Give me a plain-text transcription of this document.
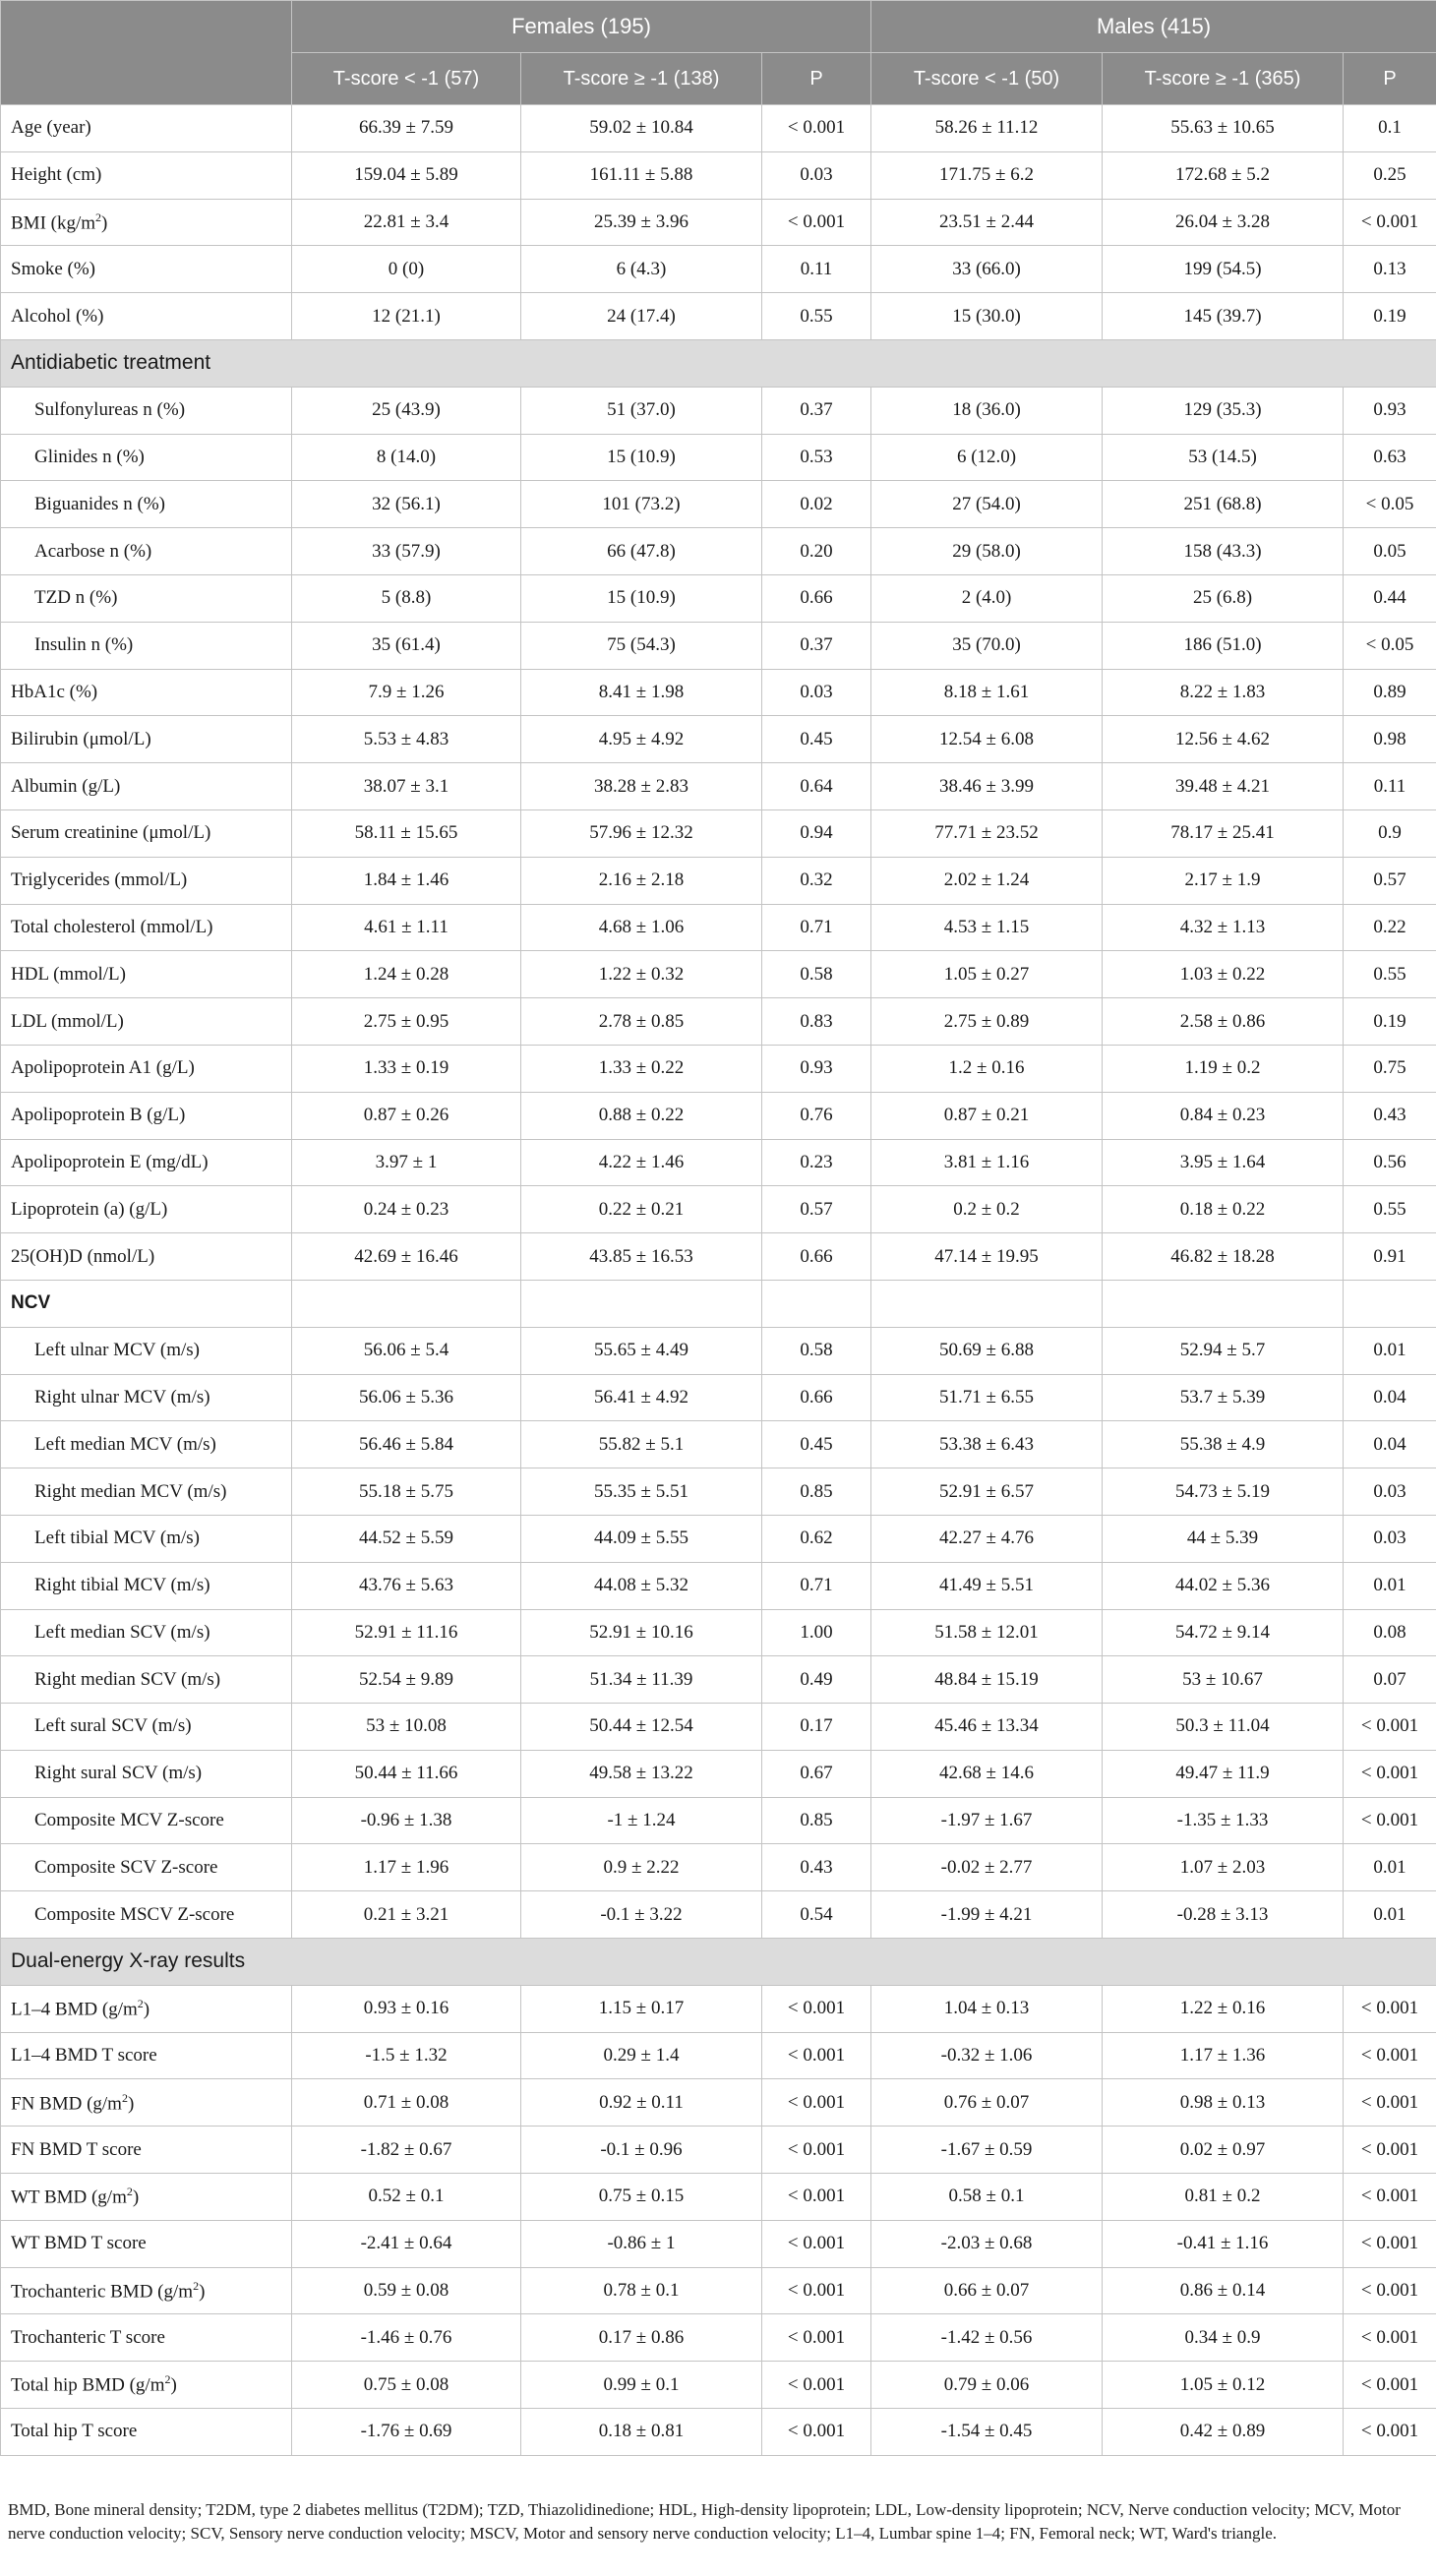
	Females (195)			Males (415)		
	T-score < -1 (57)	T-score ≥ -1 (138)	P	T-score < -1 (50)	T-score ≥ -1 (365)	P
Age (year)	66.39 ± 7.59	59.02 ± 10.84	< 0.001	58.26 ± 11.12	55.63 ± 10.65	0.1
Height (cm)	159.04 ± 5.89	161.11 ± 5.88	0.03	171.75 ± 6.2	172.68 ± 5.2	0.25
BMI $(kg/m^2)$	22.81 ± 3.4	25.39 ± 3.96	< 0.001	23.51 ± 2.44	26.04 ± 3.28	< 0.001
Smoke (%)	0 (0)	6 (4.3)	0.11	33 (66.0)	199 (54.5)	0.13
Alcohol (%)	12 (21.1)	24 (17.4)	0.55	15 (30.0)	145 (39.7)	0.19
Antidiabetic treatment						
Sulfonylureas n (%)	25 (43.9)	51 (37.0)	0.37	18 (36.0)	129 (35.3)	0.93
Glinides n (%)	8 (14.0)	15 (10.9)	0.53	6 (12.0)	53 (14.5)	0.63
Biguanides n (%)	32 (56.1)	101 (73.2)	0.02	27 (54.0)	251 (68.8)	< 0.05
Acarbose n (%)	33 (57.9)	66 (47.8)	0.20	29 (58.0)	158 (43.3)	0.05
TZD n (%)	5 (8.8)	15 (10.9)	0.66	2 (4.0)	25 (6.8)	0.44
Insulin n (%)	35 (61.4)	75 (54.3)	0.37	35 (70.0)	186 (51.0)	< 0.05
HbA1c (%)	7.9 ± 1.26	8.41 ± 1.98	0.03	8.18 ± 1.61	8.22 ± 1.83	0.89
Bilirubin (μmol/L)	5.53 ± 4.83	4.95 ± 4.92	0.45	12.54 ± 6.08	12.56 ± 4.62	0.98
Albumin (g/L)	38.07 ± 3.1	38.28 ± 2.83	0.64	38.46 ± 3.99	39.48 ± 4.21	0.11
Serum creatinine (μmol/L)	58.11 ± 15.65	57.96 ± 12.32	0.94	77.71 ± 23.52	78.17 ± 25.41	0.9
Triglycerides (mmol/L)	1.84 ± 1.46	2.16 ± 2.18	0.32	2.02 ± 1.24	2.17 ± 1.9	0.57
Total cholesterol (mmol/L)	4.61 ± 1.11	4.68 ± 1.06	0.71	4.53 ± 1.15	4.32 ± 1.13	0.22
HDL (mmol/L)	1.24 ± 0.28	1.22 ± 0.32	0.58	1.05 ± 0.27	1.03 ± 0.22	0.55
LDL (mmol/L)	2.75 ± 0.95	2.78 ± 0.85	0.83	2.75 ± 0.89	2.58 ± 0.86	0.19
Apolipoprotein A1 (g/L)	1.33 ± 0.19	1.33 ± 0.22	0.93	1.2 ± 0.16	1.19 ± 0.2	0.75
Apolipoprotein B (g/L)	0.87 ± 0.26	0.88 ± 0.22	0.76	0.87 ± 0.21	0.84 ± 0.23	0.43
Apolipoprotein E (mg/dL)	3.97 ± 1	4.22 ± 1.46	0.23	3.81 ± 1.16	3.95 ± 1.64	0.56
Lipoprotein (a) (g/L)	0.24 ± 0.23	0.22 ± 0.21	0.57	0.2 ± 0.2	0.18 ± 0.22	0.55
25(OH)D (nmol/L)	42.69 ± 16.46	43.85 ± 16.53	0.66	47.14 ± 19.95	46.82 ± 18.28	0.91
NCV						
Left ulnar MCV (m/s)	56.06 ± 5.4	55.65 ± 4.49	0.58	50.69 ± 6.88	52.94 ± 5.7	0.01
Right ulnar MCV (m/s)	56.06 ± 5.36	56.41 ± 4.92	0.66	51.71 ± 6.55	53.7 ± 5.39	0.04
Left median MCV (m/s)	56.46 ± 5.84	55.82 ± 5.1	0.45	53.38 ± 6.43	55.38 ± 4.9	0.04
Right median MCV (m/s)	55.18 ± 5.75	55.35 ± 5.51	0.85	52.91 ± 6.57	54.73 ± 5.19	0.03
Left tibial MCV (m/s)	44.52 ± 5.59	44.09 ± 5.55	0.62	42.27 ± 4.76	44 ± 5.39	0.03
Right tibial MCV (m/s)	43.76 ± 5.63	44.08 ± 5.32	0.71	41.49 ± 5.51	44.02 ± 5.36	0.01
Left median SCV (m/s)	52.91 ± 11.16	52.91 ± 10.16	1.00	51.58 ± 12.01	54.72 ± 9.14	0.08
Right median SCV (m/s)	52.54 ± 9.89	51.34 ± 11.39	0.49	48.84 ± 15.19	53 ± 10.67	0.07
Left sural SCV (m/s)	53 ± 10.08	50.44 ± 12.54	0.17	45.46 ± 13.34	50.3 ± 11.04	< 0.001
Right sural SCV (m/s)	50.44 ± 11.66	49.58 ± 13.22	0.67	42.68 ± 14.6	49.47 ± 11.9	< 0.001
Composite MCV Z-score	-0.96 ± 1.38	-1 ± 1.24	0.85	-1.97 ± 1.67	-1.35 ± 1.33	< 0.001
Composite SCV Z-score	1.17 ± 1.96	0.9 ± 2.22	0.43	-0.02 ± 2.77	1.07 ± 2.03	0.01
Composite MSCV Z-score	0.21 ± 3.21	-0.1 ± 3.22	0.54	-1.99 ± 4.21	-0.28 ± 3.13	0.01
Dual-energy X-ray results						
L1–4 BMD $(g/m^2)$	0.93 ± 0.16	1.15 ± 0.17	< 0.001	1.04 ± 0.13	1.22 ± 0.16	< 0.001
L1–4 BMD T score	-1.5 ± 1.32	0.29 ± 1.4	< 0.001	-0.32 ± 1.06	1.17 ± 1.36	< 0.001
FN BMD $(g/m^2)$	0.71 ± 0.08	0.92 ± 0.11	< 0.001	0.76 ± 0.07	0.98 ± 0.13	< 0.001
FN BMD T score	-1.82 ± 0.67	-0.1 ± 0.96	< 0.001	-1.67 ± 0.59	0.02 ± 0.97	< 0.001
WT BMD $(g/m^2)$	0.52 ± 0.1	0.75 ± 0.15	< 0.001	0.58 ± 0.1	0.81 ± 0.2	< 0.001
WT BMD T score	-2.41 ± 0.64	-0.86 ± 1	< 0.001	-2.03 ± 0.68	-0.41 ± 1.16	< 0.001
Trochanteric BMD $(g/m^2)$	0.59 ± 0.08	0.78 ± 0.1	< 0.001	0.66 ± 0.07	0.86 ± 0.14	< 0.001
Trochanteric T score	-1.46 ± 0.76	0.17 ± 0.86	< 0.001	-1.42 ± 0.56	0.34 ± 0.9	< 0.001
Total hip BMD $(g/m^2)$	0.75 ± 0.08	0.99 ± 0.1	< 0.001	0.79 ± 0.06	1.05 ± 0.12	< 0.001
Total hip T score	-1.76 ± 0.69	0.18 ± 0.81	< 0.001	-1.54 ± 0.45	0.42 ± 0.89	< 0.001
BMD, Bone mineral density; T2DM, type 2 diabetes mellitus (T2DM); TZD, Thiazolidinedione; HDL, High-density lipoprotein; LDL, Low-density lipoprotein; NCV, Nerve conduction velocity; MCV, Motor nerve conduction velocity; SCV, Sensory nerve conduction velocity; MSCV, Motor and sensory nerve conduction velocity; L1–4, Lumbar spine 1–4; FN, Femoral neck; WT, Ward's triangle.
